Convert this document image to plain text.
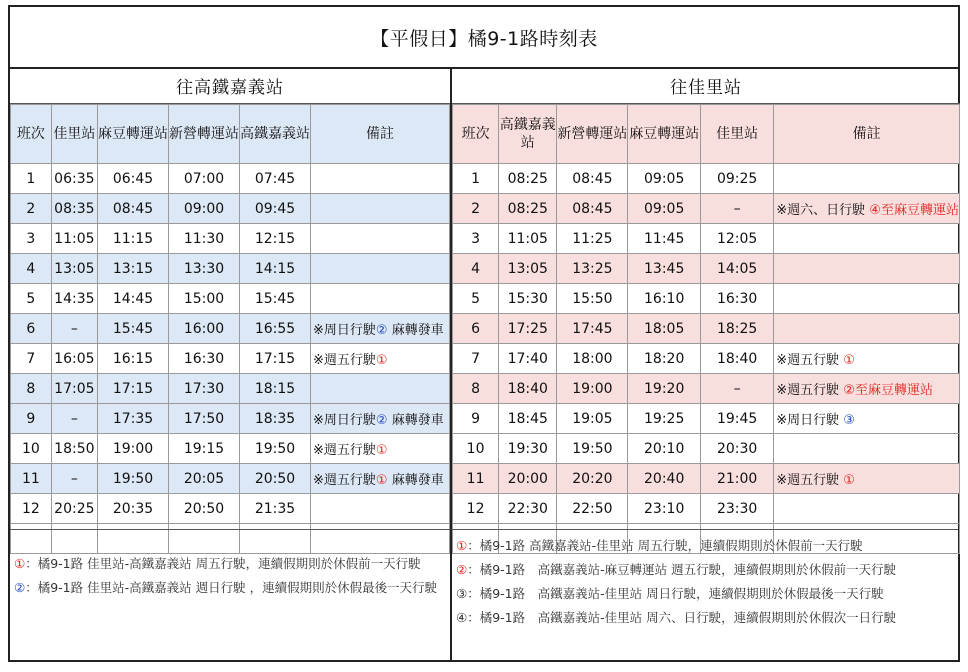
【平假日】橘9-1路時刻表
往高鐵嘉義站
班次	佳里站	麻豆轉運站	新營轉運站	高鐵嘉義站	備註
1	06:35	06:45	07:00	07:45	
2	08:35	08:45	09:00	09:45	
3	11:05	11:15	11:30	12:15	
4	13:05	13:15	13:30	14:15	
5	14:35	14:45	15:00	15:45	
6	–	15:45	16:00	16:55	※周日行駛② 麻轉發車
7	16:05	16:15	16:30	17:15	※週五行駛①
8	17:05	17:15	17:30	18:15	
9	–	17:35	17:50	18:35	※周日行駛② 麻轉發車
10	18:50	19:00	19:15	19:50	※週五行駛①
11	–	19:50	20:05	20:50	※週五行駛① 麻轉發車
12	20:25	20:35	20:50	21:35	

往佳里站
班次	高鐵嘉義站	新營轉運站	麻豆轉運站	佳里站	備註
1	08:25	08:45	09:05	09:25	
2	08:25	08:45	09:05	–	※週六、日行駛 ④至麻豆轉運站
3	11:05	11:25	11:45	12:05	
4	13:05	13:25	13:45	14:05	
5	15:30	15:50	16:10	16:30	
6	17:25	17:45	18:05	18:25	
7	17:40	18:00	18:20	18:40	※週五行駛 ①
8	18:40	19:00	19:20	–	※週五行駛 ②至麻豆轉運站
9	18:45	19:05	19:25	19:45	※周日行駛 ③
10	19:30	19:50	20:10	20:30	
11	20:00	20:20	20:40	21:00	※週五行駛 ①
12	22:30	22:50	23:10	23:30	

①：橘9-1路 佳里站-高鐵嘉義站 周五行駛，連續假期則於休假前一天行駛
②：橘9-1路 佳里站-高鐵嘉義站 週日行駛 ，連續假期則於休假最後一天行駛
①：橘9-1路 高鐵嘉義站-佳里站 周五行駛，連續假期則於休假前一天行駛
②：橘9-1路　高鐵嘉義站-麻豆轉運站 週五行駛，連續假期則於休假前一天行駛
③：橘9-1路　高鐵嘉義站-佳里站 周日行駛，連續假期則於休假最後一天行駛
④：橘9-1路　高鐵嘉義站-佳里站 周六、日行駛，連續假期則於休假次一日行駛
